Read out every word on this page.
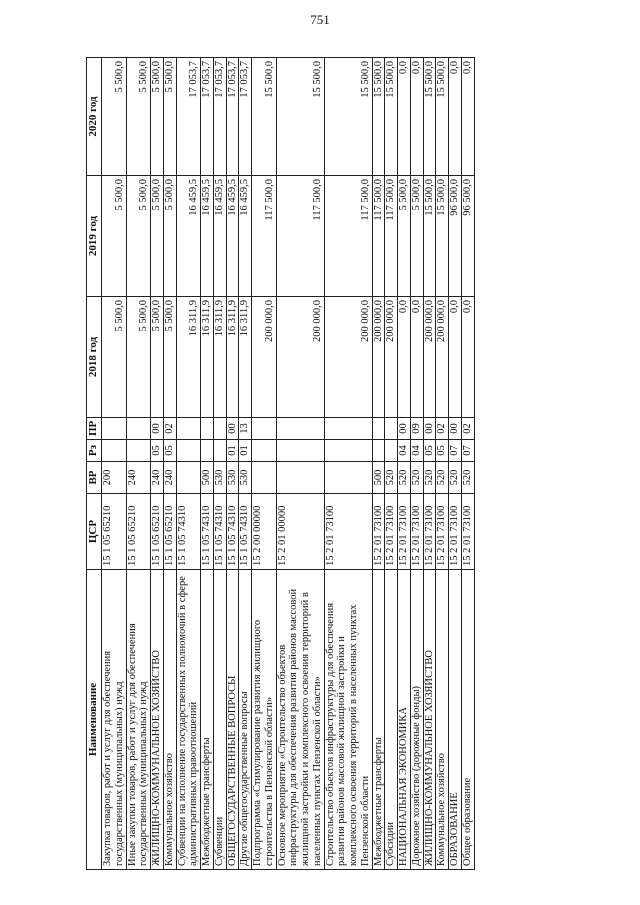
751
Наименование	ЦСР	ВР	Рз	ПР	2018 год	2019 год	2020 год
Закупка товаров, работ и услуг для обеспечения государственных (муниципальных) нужд	15 1 05 65210	200			5 500,0	5 500,0	5 500,0
Иные закупки товаров, работ и услуг для обеспечения государственных (муниципальных) нужд	15 1 05 65210	240			5 500,0	5 500,0	5 500,0
ЖИЛИЩНО-КОММУНАЛЬНОЕ ХОЗЯЙСТВО	15 1 05 65210	240	05	00	5 500,0	5 500,0	5 500,0
Коммунальное хозяйство	15 1 05 65210	240	05	02	5 500,0	5 500,0	5 500,0
Субвенции на исполнение государственных полномочий в сфере административных правоотношений	15 1 05 74310				16 311,9	16 459,5	17 053,7
Межбюджетные трансферты	15 1 05 74310	500			16 311,9	16 459,5	17 053,7
Субвенции	15 1 05 74310	530			16 311,9	16 459,5	17 053,7
ОБЩЕГОСУДАРСТВЕННЫЕ ВОПРОСЫ	15 1 05 74310	530	01	00	16 311,9	16 459,5	17 053,7
Другие общегосударственные вопросы	15 1 05 74310	530	01	13	16 311,9	16 459,5	17 053,7
Подпрограмма «Стимулирование развития жилищного строительства в Пензенской области»	15 2 00 00000				200 000,0	117 500,0	15 500,0
Основное мероприятие «Строительство объектов инфраструктуры для обеспечения развития районов массовой жилищной застройки и комплексного освоения территорий в населенных пунктах Пензенской области»	15 2 01 00000				200 000,0	117 500,0	15 500,0
Строительство объектов инфраструктуры для обеспечения развития районов массовой жилищной застройки и комплексного освоения территорий в населенных пунктах Пензенской области	15 2 01 73100				200 000,0	117 500,0	15 500,0
Межбюджетные трансферты	15 2 01 73100	500			200 000,0	117 500,0	15 500,0
Субсидии	15 2 01 73100	520			200 000,0	117 500,0	15 500,0
НАЦИОНАЛЬНАЯ ЭКОНОМИКА	15 2 01 73100	520	04	00	0,0	5 500,0	0,0
Дорожное хозяйство (дорожные фонды)	15 2 01 73100	520	04	09	0,0	5 500,0	0,0
ЖИЛИЩНО-КОММУНАЛЬНОЕ ХОЗЯЙСТВО	15 2 01 73100	520	05	00	200 000,0	15 500,0	15 500,0
Коммунальное хозяйство	15 2 01 73100	520	05	02	200 000,0	15 500,0	15 500,0
ОБРАЗОВАНИЕ	15 2 01 73100	520	07	00	0,0	96 500,0	0,0
Общее образование	15 2 01 73100	520	07	02	0,0	96 500,0	0,0
